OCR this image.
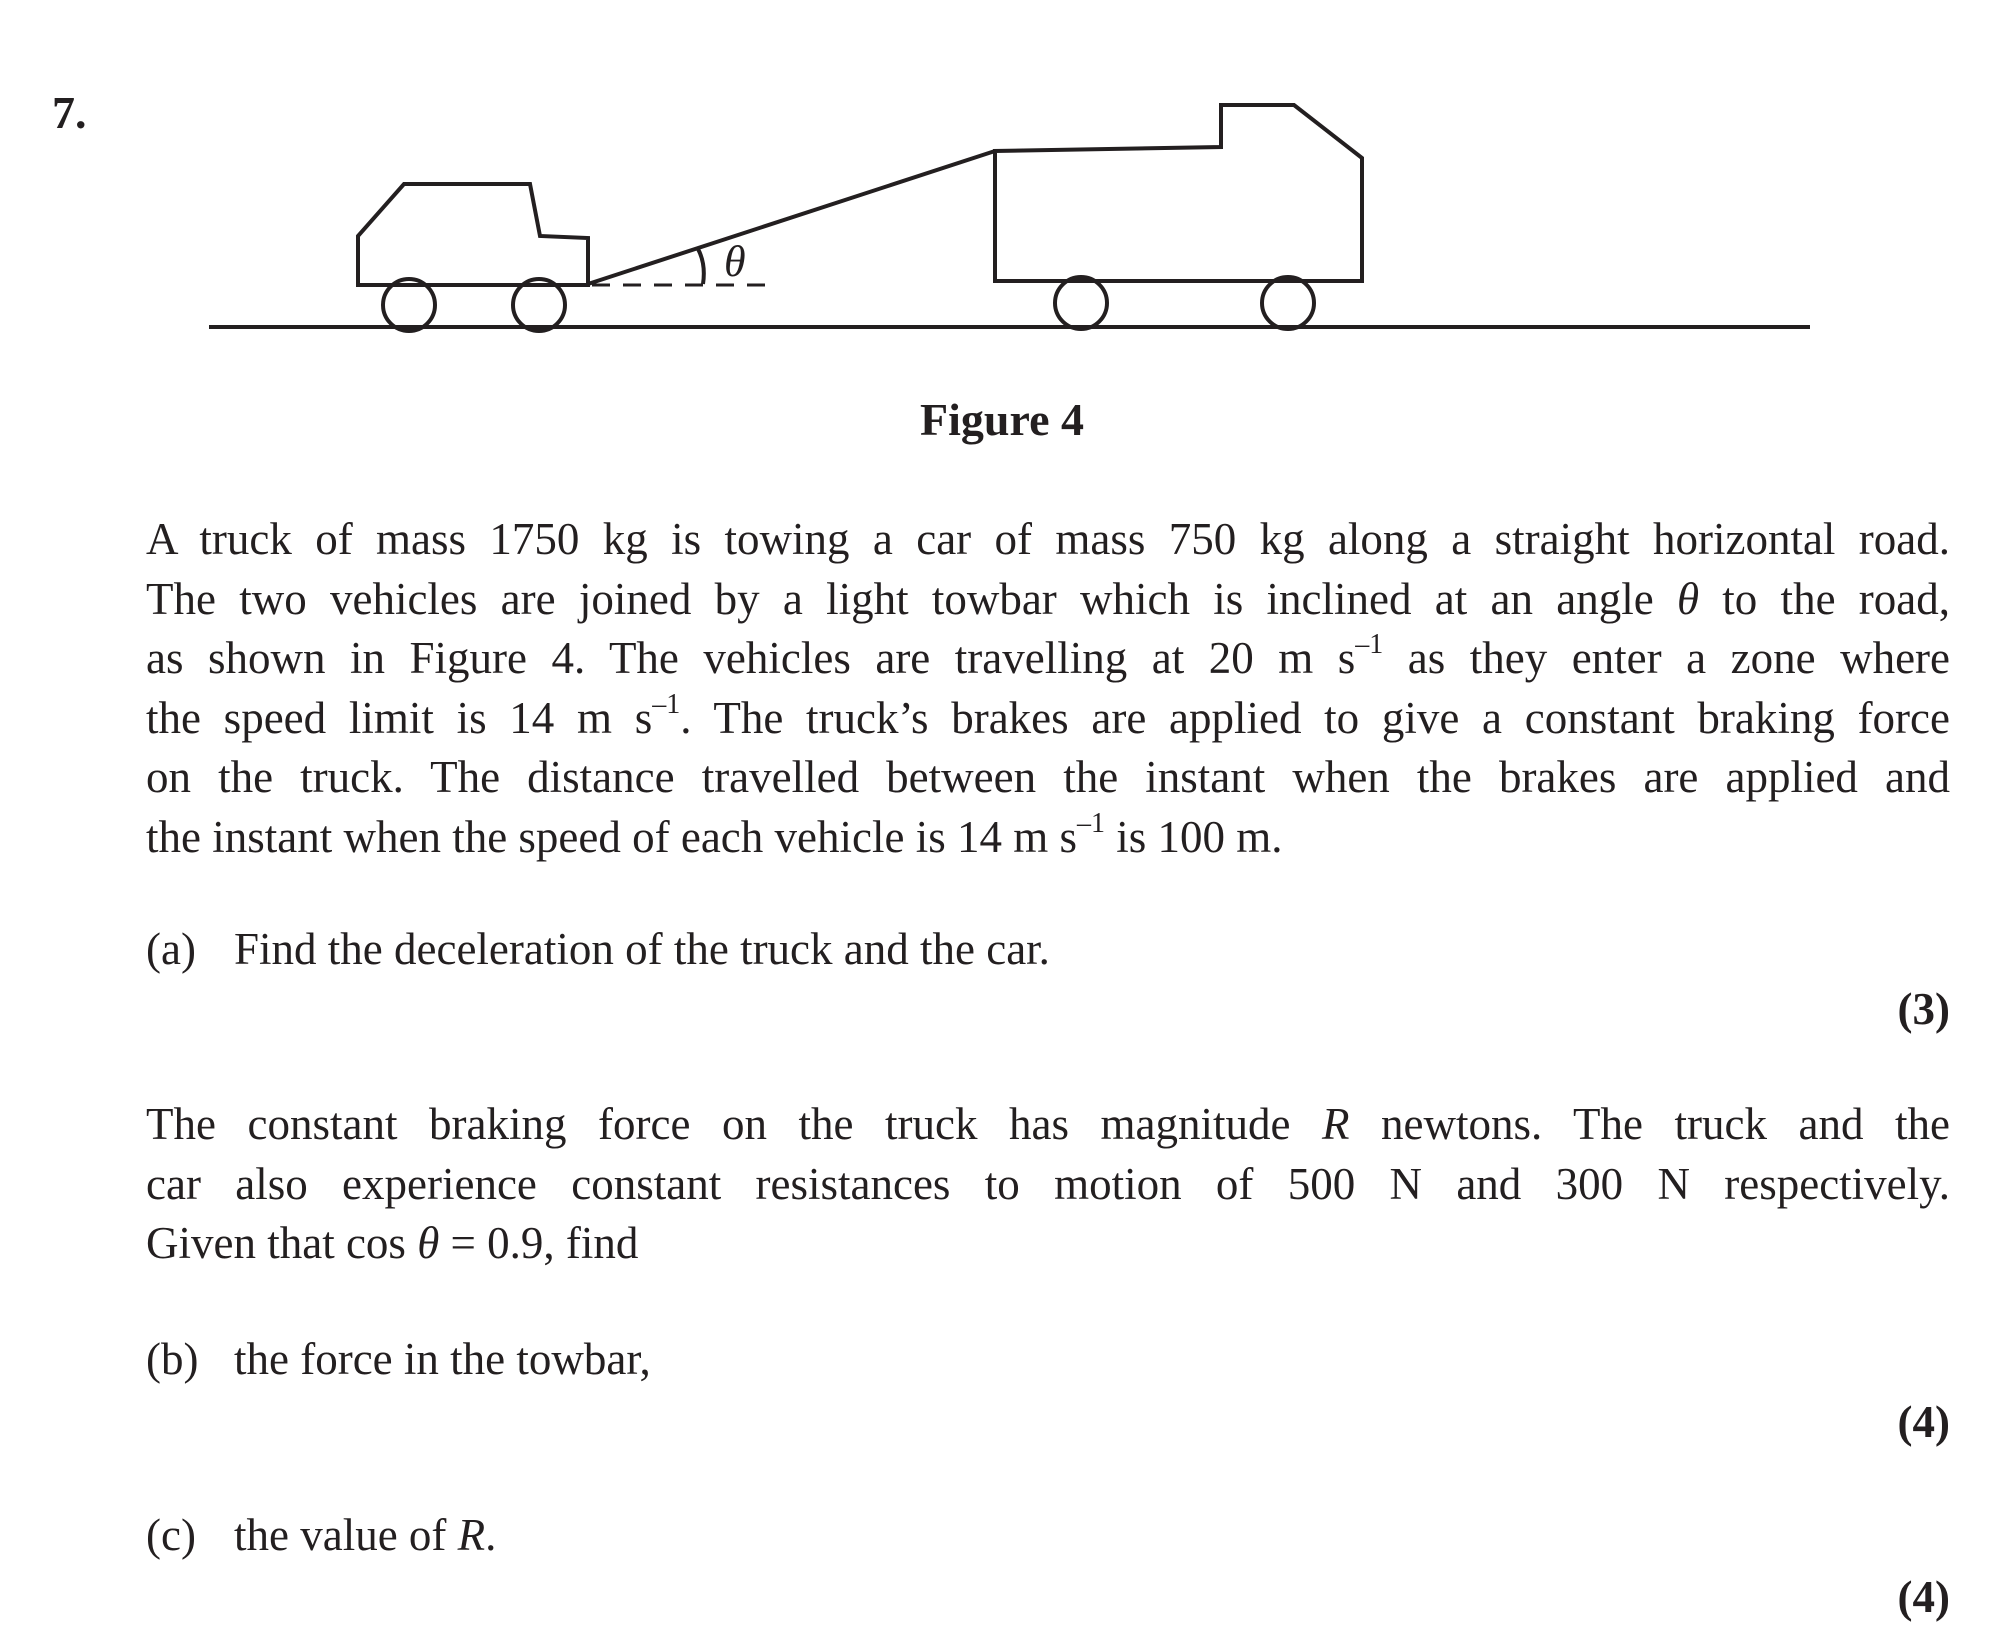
7.
θ
Figure 4
A truck of mass 1750 kg is towing a car of mass 750 kg along a straight horizontal road.
The two vehicles are joined by a light towbar which is inclined at an angle θ to the road,
as shown in Figure 4. The vehicles are travelling at 20 m $s^{-1}$ as they enter a zone where
the speed limit is 14 m $s^{-1}$. The truck’s brakes are applied to give a constant braking force
on the truck. The distance travelled between the instant when the brakes are applied and
the instant when the speed of each vehicle is 14 m $s^{-1}$ is 100 m.
(a) Find the deceleration of the truck and the car.
(3)
The constant braking force on the truck has magnitude R newtons. The truck and the
car also experience constant resistances to motion of 500 N and 300 N respectively.
Given that cos θ = 0.9, find
(b) the force in the towbar,
(4)
(c) the value of R.
(4)
